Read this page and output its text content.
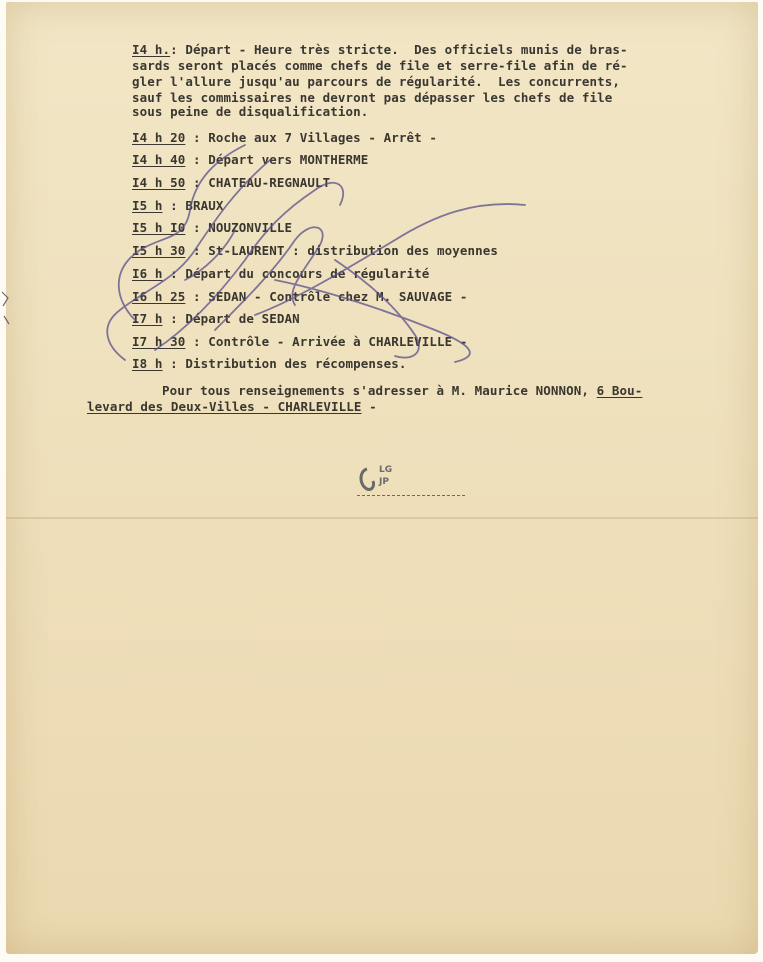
I4 h.: Départ - Heure très stricte.  Des officiels munis de bras-
sards seront placés comme chefs de file et serre-file afin de ré-
gler l'allure jusqu'au parcours de régularité.  Les concurrents,
sauf les commissaires ne devront pas dépasser les chefs de file
sous peine de disqualification.
I4 h 20 : Roche aux 7 Villages - Arrêt -
I4 h 40 : Départ vers MONTHERME
I4 h 50 : CHATEAU-REGNAULT
I5 h : BRAUX
I5 h I0 : NOUZONVILLE
I5 h 30 : St-LAURENT : distribution des moyennes
I6 h : Départ du concours de régularité
I6 h 25 : SEDAN - Contrôle chez M. SAUVAGE -
I7 h : Départ de SEDAN
I7 h 30 : Contrôle - Arrivée à CHARLEVILLE -
I8 h : Distribution des récompenses.
Pour tous renseignements s'adresser à M. Maurice NONNON, 6 Bou-
levard des Deux-Villes - CHARLEVILLE -
LG
JP
